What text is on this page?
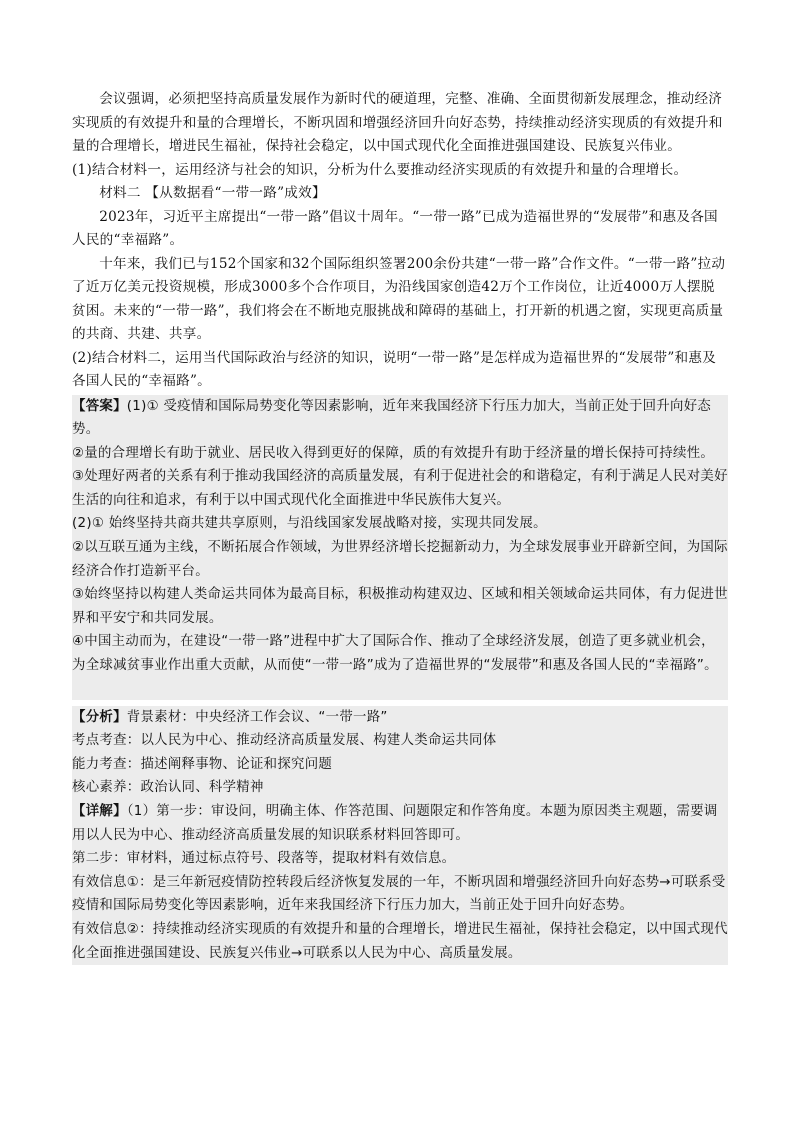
会议强调，必须把坚持高质量发展作为新时代的硬道理，完整、准确、全面贯彻新发展理念，推动经济实现质的有效提升和量的合理增长，不断巩固和增强经济回升向好态势，持续推动经济实现质的有效提升和量的合理增长，增进民生福祉，保持社会稳定，以中国式现代化全面推进强国建设、民族复兴伟业。

(1)结合材料一，运用经济与社会的知识，分析为什么要推动经济实现质的有效提升和量的合理增长。

材料二 【从数据看“一带一路”成效】

2023年，习近平主席提出“一带一路”倡议十周年。“一带一路”已成为造福世界的“发展带”和惠及各国人民的“幸福路”。

十年来，我们已与152个国家和32个国际组织签署200余份共建“一带一路”合作文件。“一带一路”拉动了近万亿美元投资规模，形成3000多个合作项目，为沿线国家创造42万个工作岗位，让近4000万人摆脱贫困。未来的“一带一路”，我们将会在不断地克服挑战和障碍的基础上，打开新的机遇之窗，实现更高质量的共商、共建、共享。

(2)结合材料二，运用当代国际政治与经济的知识，说明“一带一路”是怎样成为造福世界的“发展带”和惠及各国人民的“幸福路”。

【答案】(1)① 受疫情和国际局势变化等因素影响，近年来我国经济下行压力加大，当前正处于回升向好态势。

②量的合理增长有助于就业、居民收入得到更好的保障，质的有效提升有助于经济量的增长保持可持续性。

③处理好两者的关系有利于推动我国经济的高质量发展，有利于促进社会的和谐稳定，有利于满足人民对美好生活的向往和追求，有利于以中国式现代化全面推进中华民族伟大复兴。

(2)① 始终坚持共商共建共享原则，与沿线国家发展战略对接，实现共同发展。

②以互联互通为主线，不断拓展合作领域，为世界经济增长挖掘新动力，为全球发展事业开辟新空间，为国际经济合作打造新平台。

③始终坚持以构建人类命运共同体为最高目标，积极推动构建双边、区域和相关领域命运共同体，有力促进世界和平安宁和共同发展。

④中国主动而为，在建设“一带一路”进程中扩大了国际合作、推动了全球经济发展，创造了更多就业机会，为全球减贫事业作出重大贡献，从而使“一带一路”成为了造福世界的“发展带”和惠及各国人民的“幸福路”。

【分析】背景素材：中央经济工作会议、“一带一路”

考点考查：以人民为中心、推动经济高质量发展、构建人类命运共同体

能力考查：描述阐释事物、论证和探究问题

核心素养：政治认同、科学精神

【详解】（1）第一步：审设问，明确主体、作答范围、问题限定和作答角度。本题为原因类主观题，需要调用以人民为中心、推动经济高质量发展的知识联系材料回答即可。

第二步：审材料，通过标点符号、段落等，提取材料有效信息。

有效信息①：是三年新冠疫情防控转段后经济恢复发展的一年，不断巩固和增强经济回升向好态势→可联系受疫情和国际局势变化等因素影响，近年来我国经济下行压力加大，当前正处于回升向好态势。

有效信息②：持续推动经济实现质的有效提升和量的合理增长，增进民生福祉，保持社会稳定，以中国式现代化全面推进强国建设、民族复兴伟业→可联系以人民为中心、高质量发展。
